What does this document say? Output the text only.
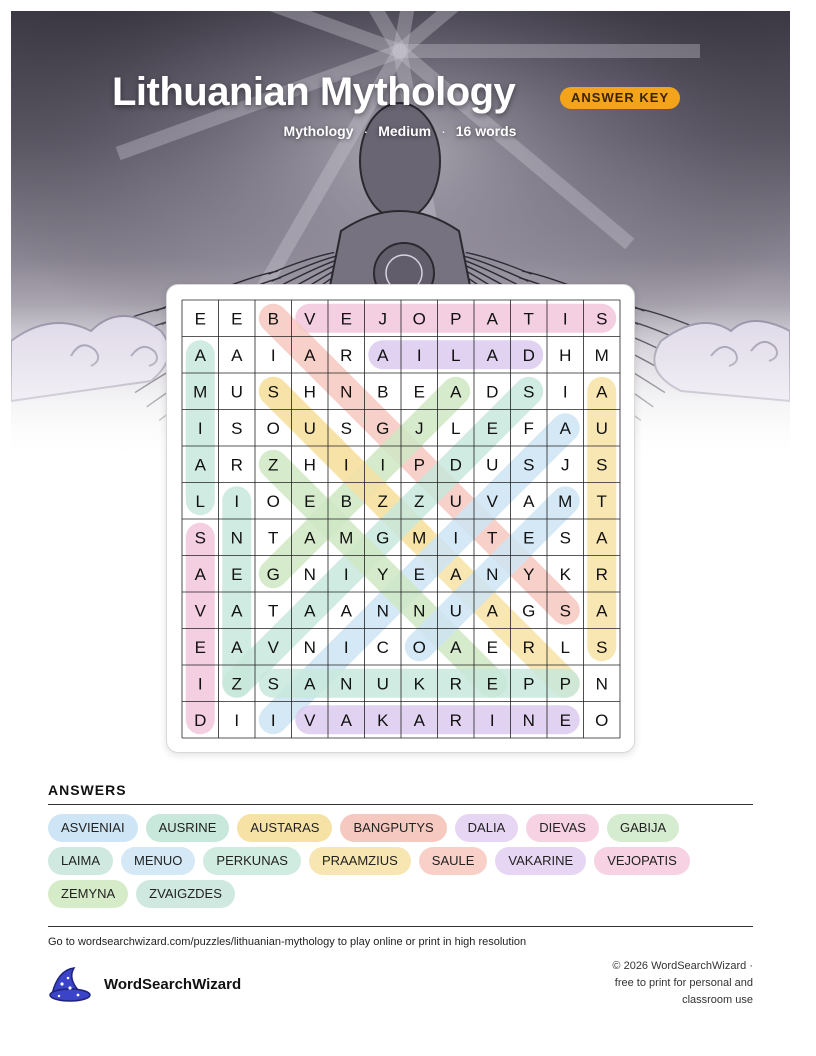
Lithuanian Mythology	ANSWER KEY
Mythology · Medium · 16 words
E E B V E J O P A T I S
A A I A R A I L A D H M
M U S H N B E A D S I A
I S O U S G J L E F A U
A R Z H I I P D U S J S
L I O E B Z Z U V A M T
S N T A M G M I T E S A
A E G N I Y E A N Y K R
V A T A A N N U A G S A
E A V N I C O A E R L S
I Z S A N U K R E P P N
D I I V A K A R I N E O
ANSWERS
ASVIENIAI	AUSRINE	AUSTARAS	BANGPUTYS	DALIA	DIEVAS	GABIJA
LAIMA	MENUO	PERKUNAS	PRAAMZIUS	SAULE	VAKARINE	VEJOPATIS
ZEMYNA	ZVAIGZDES
Go to wordsearchwizard.com/puzzles/lithuanian-mythology to play online or print in high resolution
WordSearchWizard
© 2026 WordSearchWizard ·
free to print for personal and
classroom use
